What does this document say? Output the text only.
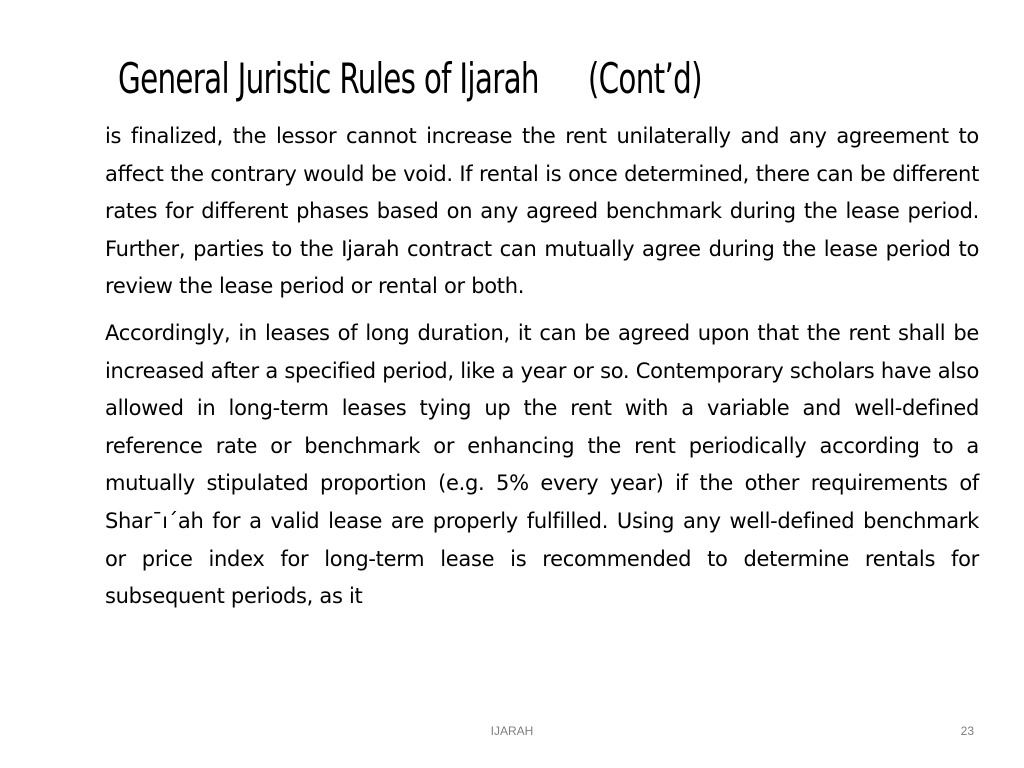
General Juristic Rules of Ijarah (Cont’d)

is finalized, the lessor cannot increase the rent unilaterally and any agreement to affect the contrary would be void. If rental is once determined, there can be different rates for different phases based on any agreed benchmark during the lease period. Further, parties to the Ijarah contract can mutually agree during the lease period to review the lease period or rental or both.

Accordingly, in leases of long duration, it can be agreed upon that the rent shall be increased after a specified period, like a year or so. Contemporary scholars have also allowed in long-term leases tying up the rent with a variable and well-defined reference rate or benchmark or enhancing the rent periodically according to a mutually stipulated proportion (e.g. 5% every year) if the other requirements of Shar¯ı´ah for a valid lease are properly fulfilled. Using any well-defined benchmark or price index for long-term lease is recommended to determine rentals for subsequent periods, as it

IJARAH	23
